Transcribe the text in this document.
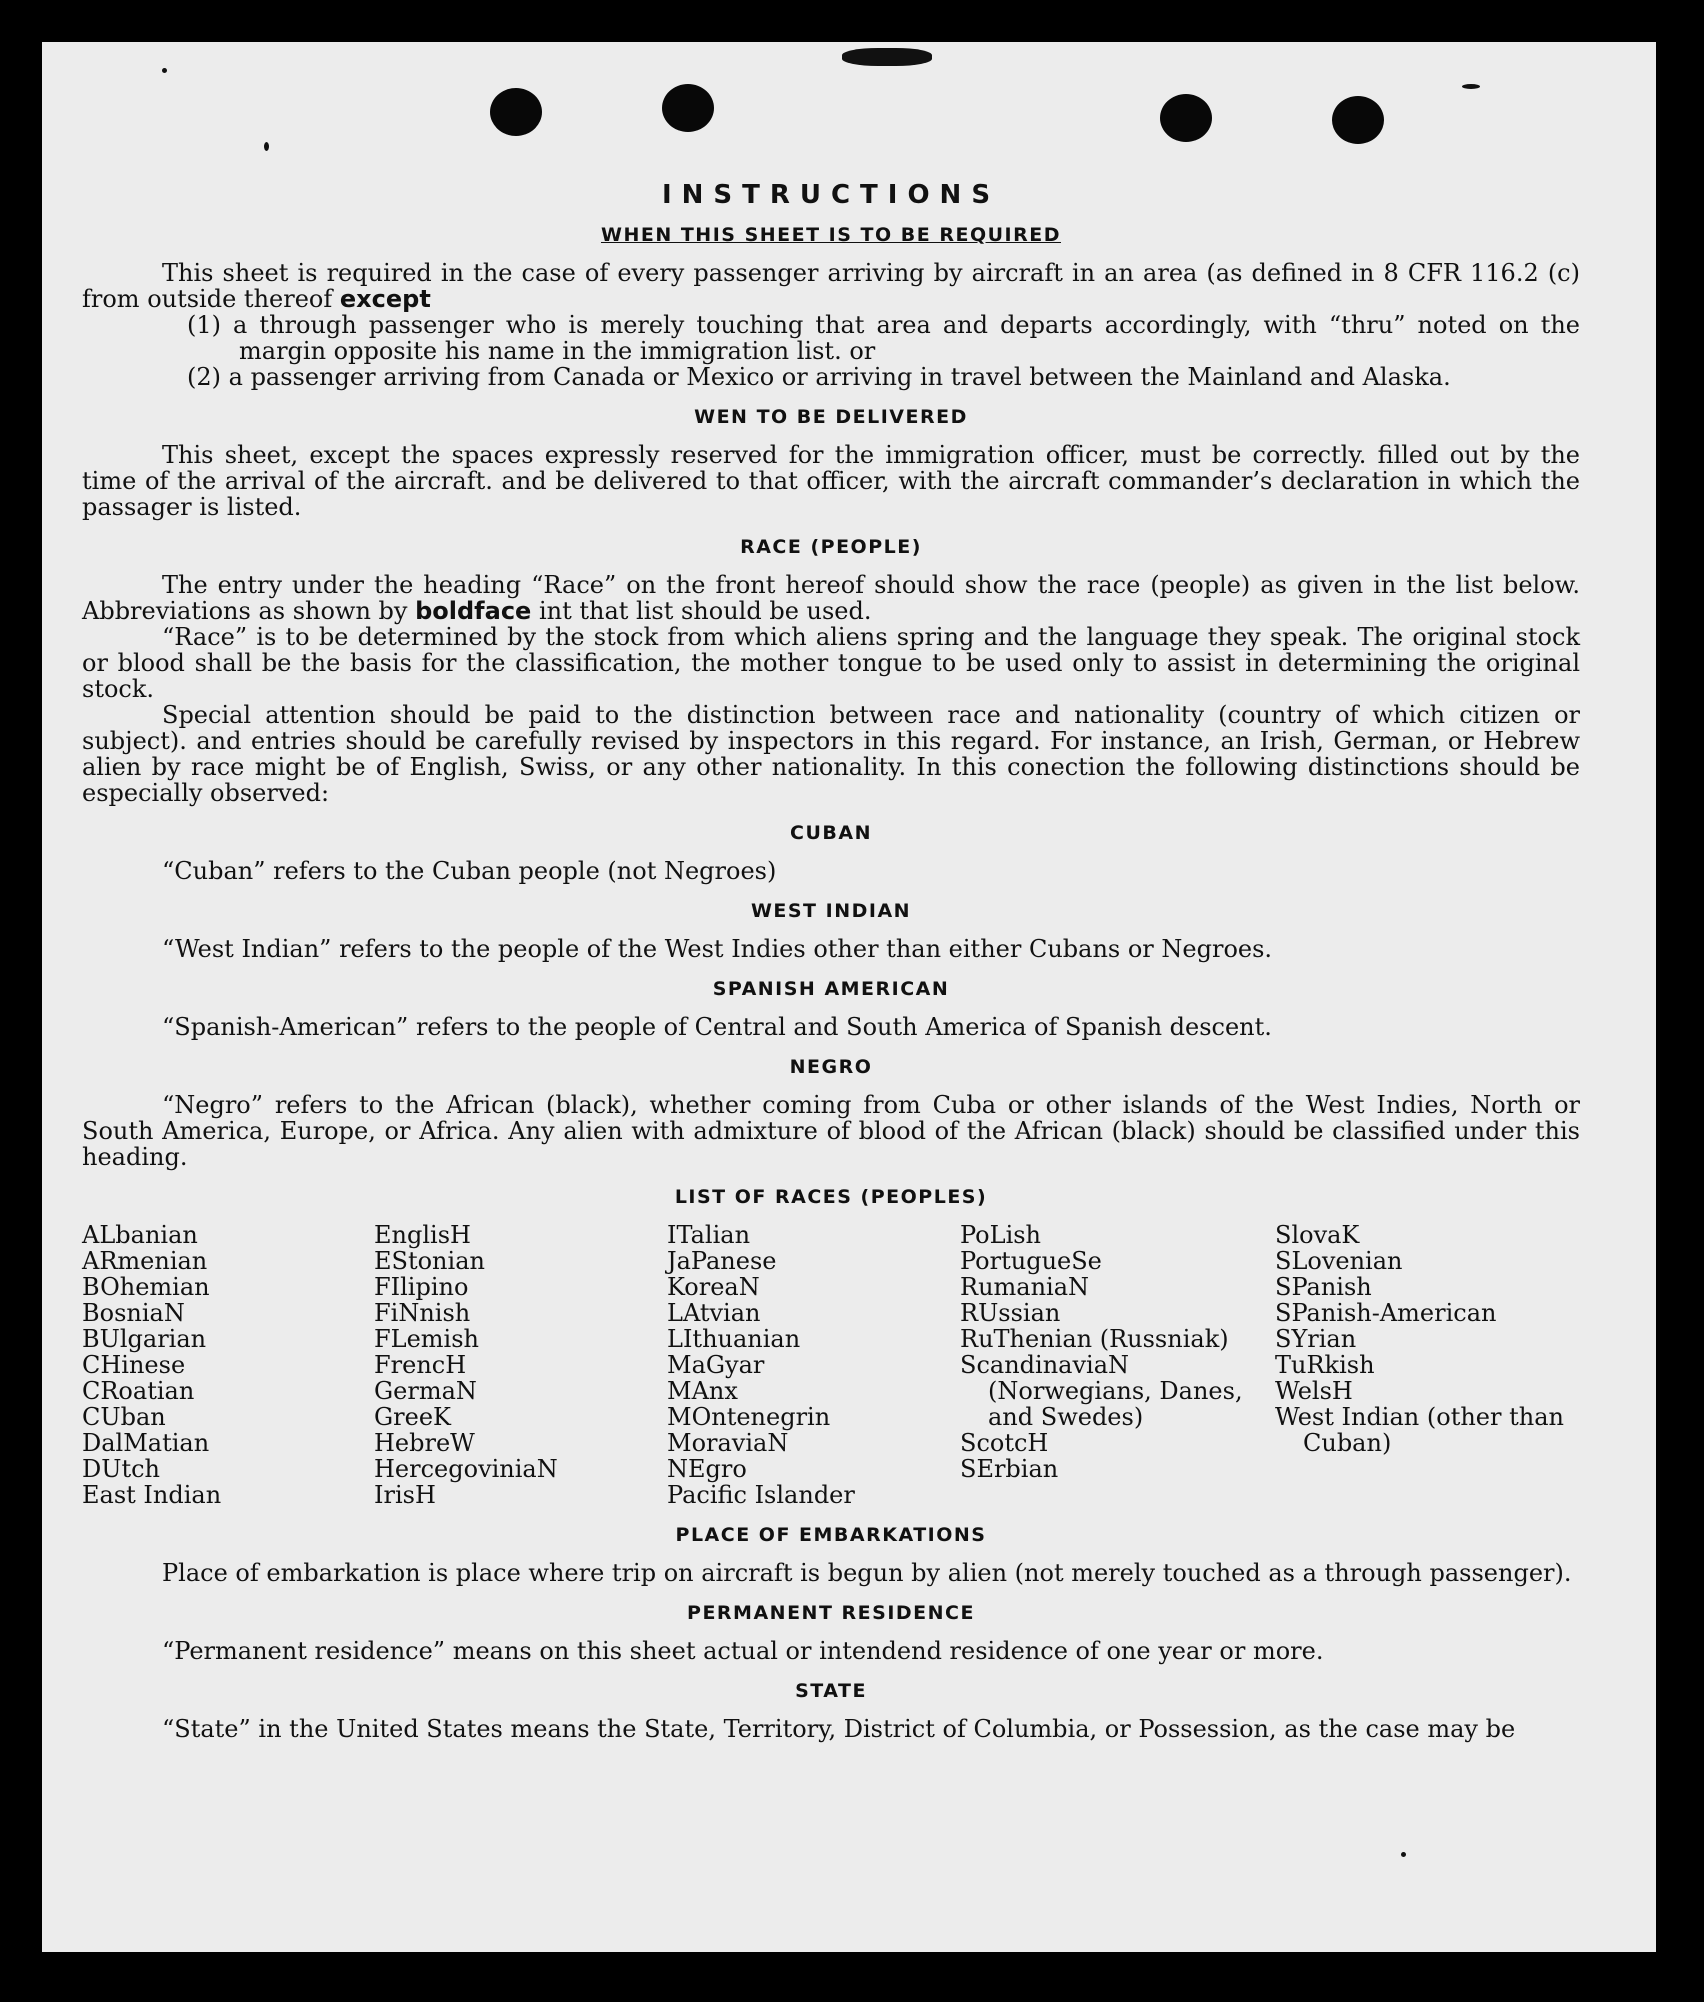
INSTRUCTIONS
WHEN THIS SHEET IS TO BE REQUIRED

This sheet is required in the case of every passenger arriving by aircraft in an area (as defined in 8 CFR 116.2 (c) from outside thereof except

(1) a through passenger who is merely touching that area and departs accordingly, with “thru” noted on the margin opposite his name in the immigration list. or

(2) a passenger arriving from Canada or Mexico or arriving in travel between the Mainland and Alaska.

WEN TO BE DELIVERED

This sheet, except the spaces expressly reserved for the immigration officer, must be correctly. filled out by the time of the arrival of the aircraft. and be delivered to that officer, with the aircraft commander’s declaration in which the passager is listed.

RACE (PEOPLE)

The entry under the heading “Race” on the front hereof should show the race (people) as given in the list below. Abbreviations as shown by boldface int that list should be used.

“Race” is to be determined by the stock from which aliens spring and the language they speak. The original stock or blood shall be the basis for the classification, the mother tongue to be used only to assist in determining the original stock.

Special attention should be paid to the distinction between race and nationality (country of which citizen or subject). and entries should be carefully revised by inspectors in this regard. For instance, an Irish, German, or Hebrew alien by race might be of English, Swiss, or any other nationality. In this conection the following distinctions should be especially observed:

CUBAN

“Cuban” refers to the Cuban people (not Negroes)

WEST INDIAN

“West Indian” refers to the people of the West Indies other than either Cubans or Negroes.

SPANISH AMERICAN

“Spanish-American” refers to the people of Central and South America of Spanish descent.

NEGRO

“Negro” refers to the African (black), whether coming from Cuba or other islands of the West Indies, North or South America, Europe, or Africa. Any alien with admixture of blood of the African (black) should be classified under this heading.

LIST OF RACES (PEOPLES)
ALbanian
ARmenian
BOhemian
BosniaN
BUlgarian
CHinese
CRoatian
CUban
DalMatian
DUtch
East Indian
EnglisH
EStonian
FIlipino
FiNnish
FLemish
FrencH
GermaN
GreeK
HebreW
HercegoviniaN
IrisH
ITalian
JaPanese
KoreaN
LAtvian
LIthuanian
MaGyar
MAnx
MOntenegrin
MoraviaN
NEgro
Pacific Islander
PoLish
PortugueSe
RumaniaN
RUssian
RuThenian (Russniak)
ScandinaviaN (Norwegians, Danes, and Swedes)
ScotcH
SErbian
SlovaK
SLovenian
SPanish
SPanish-American
SYrian
TuRkish
WelsH
West Indian (other than Cuban)
PLACE OF EMBARKATIONS

Place of embarkation is place where trip on aircraft is begun by alien (not merely touched as a through passenger).

PERMANENT RESIDENCE

“Permanent residence” means on this sheet actual or intendend residence of one year or more.

STATE

“State” in the United States means the State, Territory, District of Columbia, or Possession, as the case may be
